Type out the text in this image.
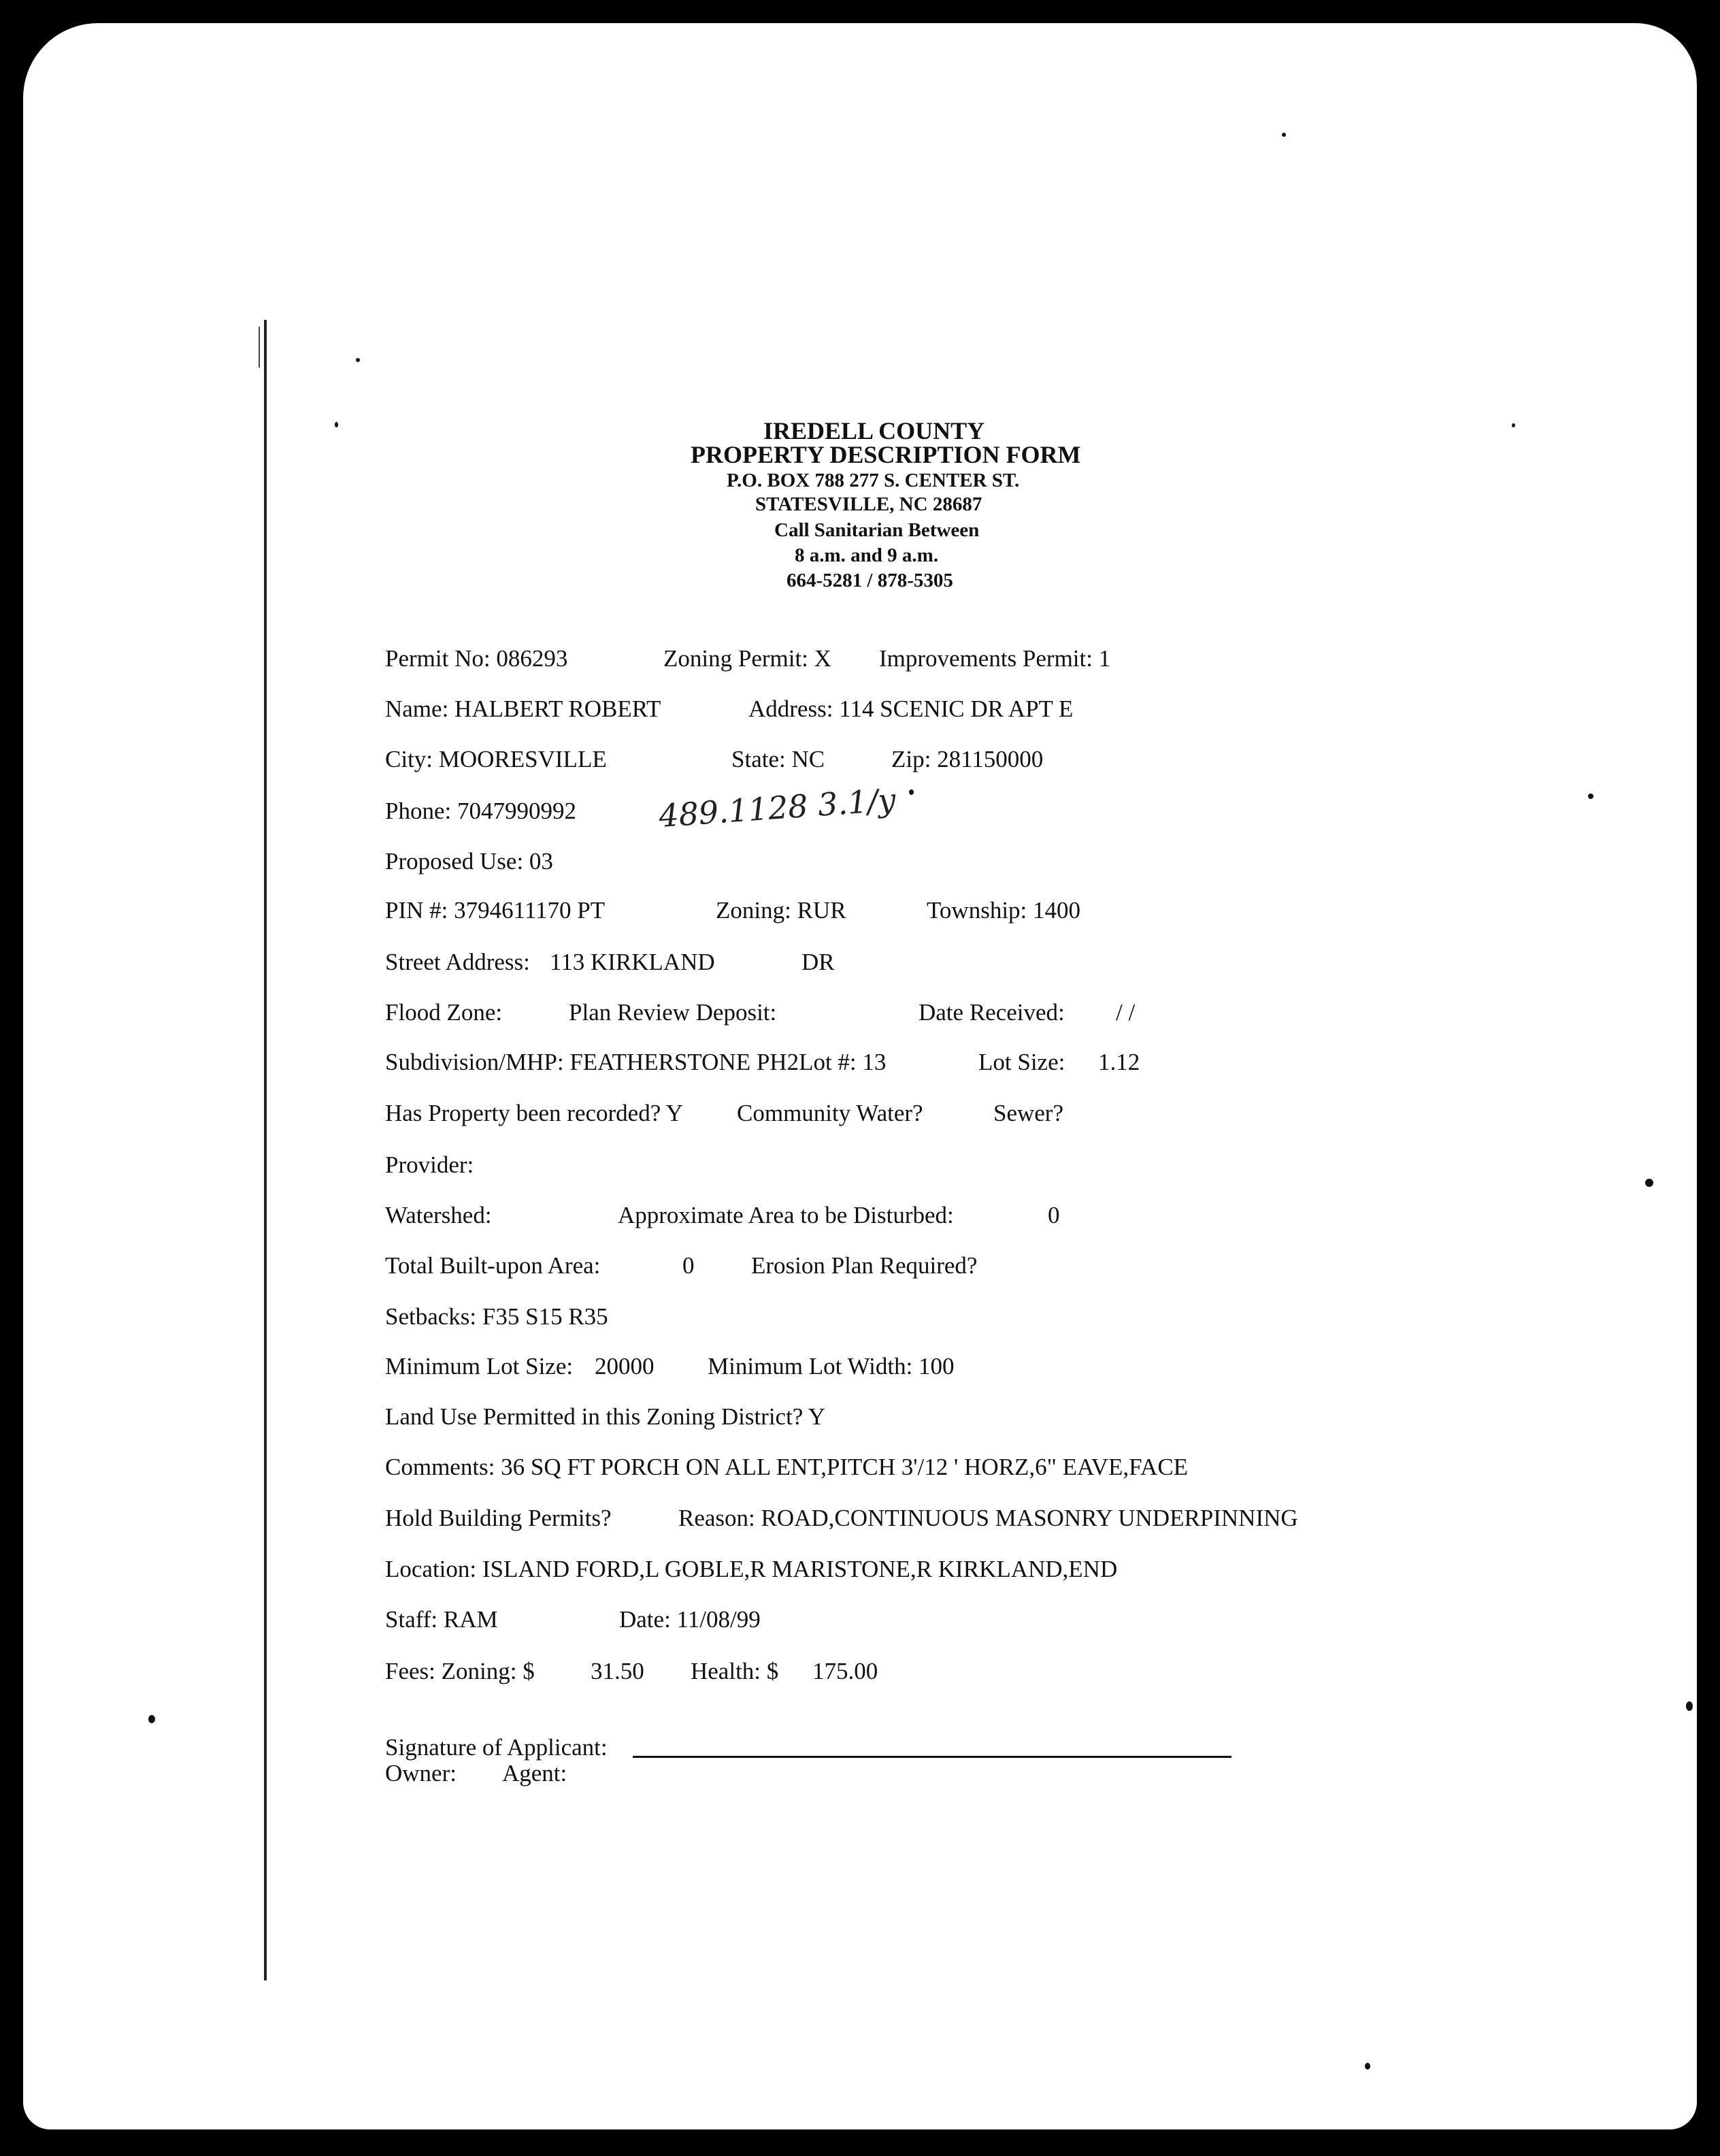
IREDELL COUNTY
PROPERTY DESCRIPTION FORM
P.O. BOX 788 277 S. CENTER ST.
STATESVILLE, NC 28687
Call Sanitarian Between
8 a.m. and 9 a.m.
664-5281 / 878-5305
Permit No: 086293	Zoning Permit: X Improvements Permit: 1
Name: HALBERT ROBERT	Address: 114 SCENIC DR APT E
City: MOORESVILLE	State: NC	Zip: 281150000
Phone: 7047990992	489.1128 3.1/y
Proposed Use: 03
PIN #: 3794611170 PT	Zoning: RUR	Township: 1400
Street Address: 113 KIRKLAND	DR
Flood Zone:	Plan Review Deposit:	Date Received: / /
Subdivision/MHP: FEATHERSTONE PH2Lot #: 13	Lot Size: 1.12
Has Property been recorded? Y Community Water?	Sewer?
Provider:
Watershed:	Approximate Area to be Disturbed:	0
Total Built-upon Area:	0 Erosion Plan Required?
Setbacks: F35 S15 R35
Minimum Lot Size: 20000 Minimum Lot Width: 100
Land Use Permitted in this Zoning District? Y
Comments: 36 SQ FT PORCH ON ALL ENT,PITCH 3'/12 ' HORZ,6" EAVE,FACE
Hold Building Permits?	Reason: ROAD,CONTINUOUS MASONRY UNDERPINNING
Location: ISLAND FORD,L GOBLE,R MARISTONE,R KIRKLAND,END
Staff: RAM	Date: 11/08/99
Fees: Zoning: $ 31.50 Health: $ 175.00
Signature of Applicant:
Owner: Agent:
